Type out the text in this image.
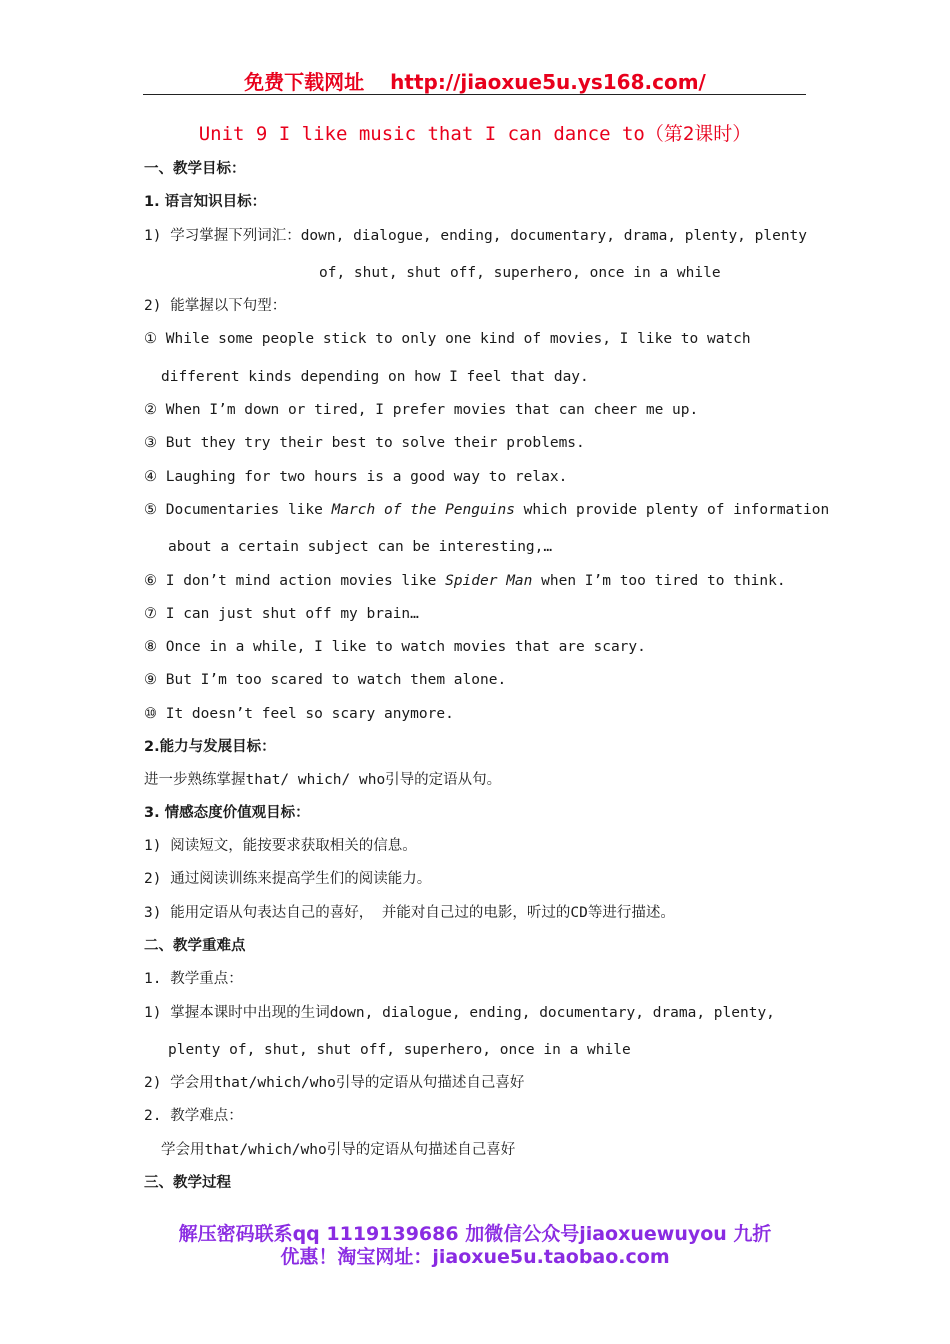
免费下载网址 http://jiaoxue5u.ys168.com/
Unit 9 I like music that I can dance to（第2课时）
一、教学目标：
1. 语言知识目标：
1) 学习掌握下列词汇：down, dialogue, ending, documentary, drama, plenty, plenty
of, shut, shut off, superhero, once in a while
2) 能掌握以下句型：
① While some people stick to only one kind of movies, I like to watch
different kinds depending on how I feel that day.
② When I’m down or tired, I prefer movies that can cheer me up.
③ But they try their best to solve their problems.
④ Laughing for two hours is a good way to relax.
⑤ Documentaries like March of the Penguins which provide plenty of information
about a certain subject can be interesting,…
⑥ I don’t mind action movies like Spider Man when I’m too tired to think.
⑦ I can just shut off my brain…
⑧ Once in a while, I like to watch movies that are scary.
⑨ But I’m too scared to watch them alone.
⑩ It doesn’t feel so scary anymore.
2.能力与发展目标：
进一步熟练掌握that/ which/ who引导的定语从句。
3. 情感态度价值观目标：
1) 阅读短文，能按要求获取相关的信息。
2) 通过阅读训练来提高学生们的阅读能力。
3) 能用定语从句表达自己的喜好， 并能对自己过的电影，听过的CD等进行描述。
二、教学重难点
1. 教学重点：
1) 掌握本课时中出现的生词down, dialogue, ending, documentary, drama, plenty,
plenty of, shut, shut off, superhero, once in a while
2) 学会用that/which/who引导的定语从句描述自己喜好
2. 教学难点：
学会用that/which/who引导的定语从句描述自己喜好
三、教学过程
解压密码联系qq 1119139686 加微信公众号jiaoxuewuyou 九折
优惠！淘宝网址：jiaoxue5u.taobao.com
